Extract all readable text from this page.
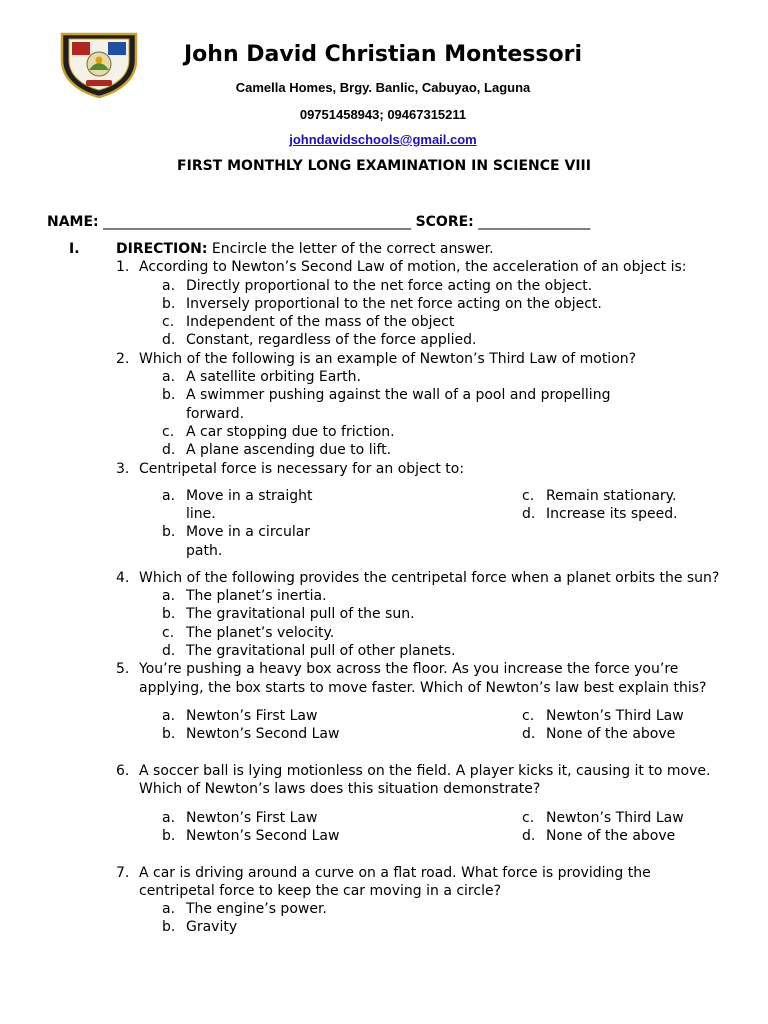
John David Christian Montessori
Camella Homes, Brgy. Banlic, Cabuyao, Laguna
09751458943; 09467315211
johndavidschools@gmail.com
FIRST MONTHLY LONG EXAMINATION IN SCIENCE VIII
NAME: ____________________________________________ SCORE: ________________
I.	DIRECTION: Encircle the letter of the correct answer.
1. According to Newton’s Second Law of motion, the acceleration of an object is:
a. Directly proportional to the net force acting on the object.
b. Inversely proportional to the net force acting on the object.
c. Independent of the mass of the object
d. Constant, regardless of the force applied.
2. Which of the following is an example of Newton’s Third Law of motion?
a. A satellite orbiting Earth.
b. A swimmer pushing against the wall of a pool and propelling forward.
c. A car stopping due to friction.
d. A plane ascending due to lift.
3. Centripetal force is necessary for an object to:
a. Move in a straight line.
b. Move in a circular path.
c. Remain stationary.
d. Increase its speed.
4. Which of the following provides the centripetal force when a planet orbits the sun?
a. The planet’s inertia.
b. The gravitational pull of the sun.
c. The planet’s velocity.
d. The gravitational pull of other planets.
5. You’re pushing a heavy box across the floor. As you increase the force you’re applying, the box starts to move faster. Which of Newton’s law best explain this?
a. Newton’s First Law
b. Newton’s Second Law
c. Newton’s Third Law
d. None of the above
6. A soccer ball is lying motionless on the field. A player kicks it, causing it to move. Which of Newton’s laws does this situation demonstrate?
a. Newton’s First Law
b. Newton’s Second Law
c. Newton’s Third Law
d. None of the above
7. A car is driving around a curve on a flat road. What force is providing the centripetal force to keep the car moving in a circle?
a. The engine’s power.
b. Gravity
